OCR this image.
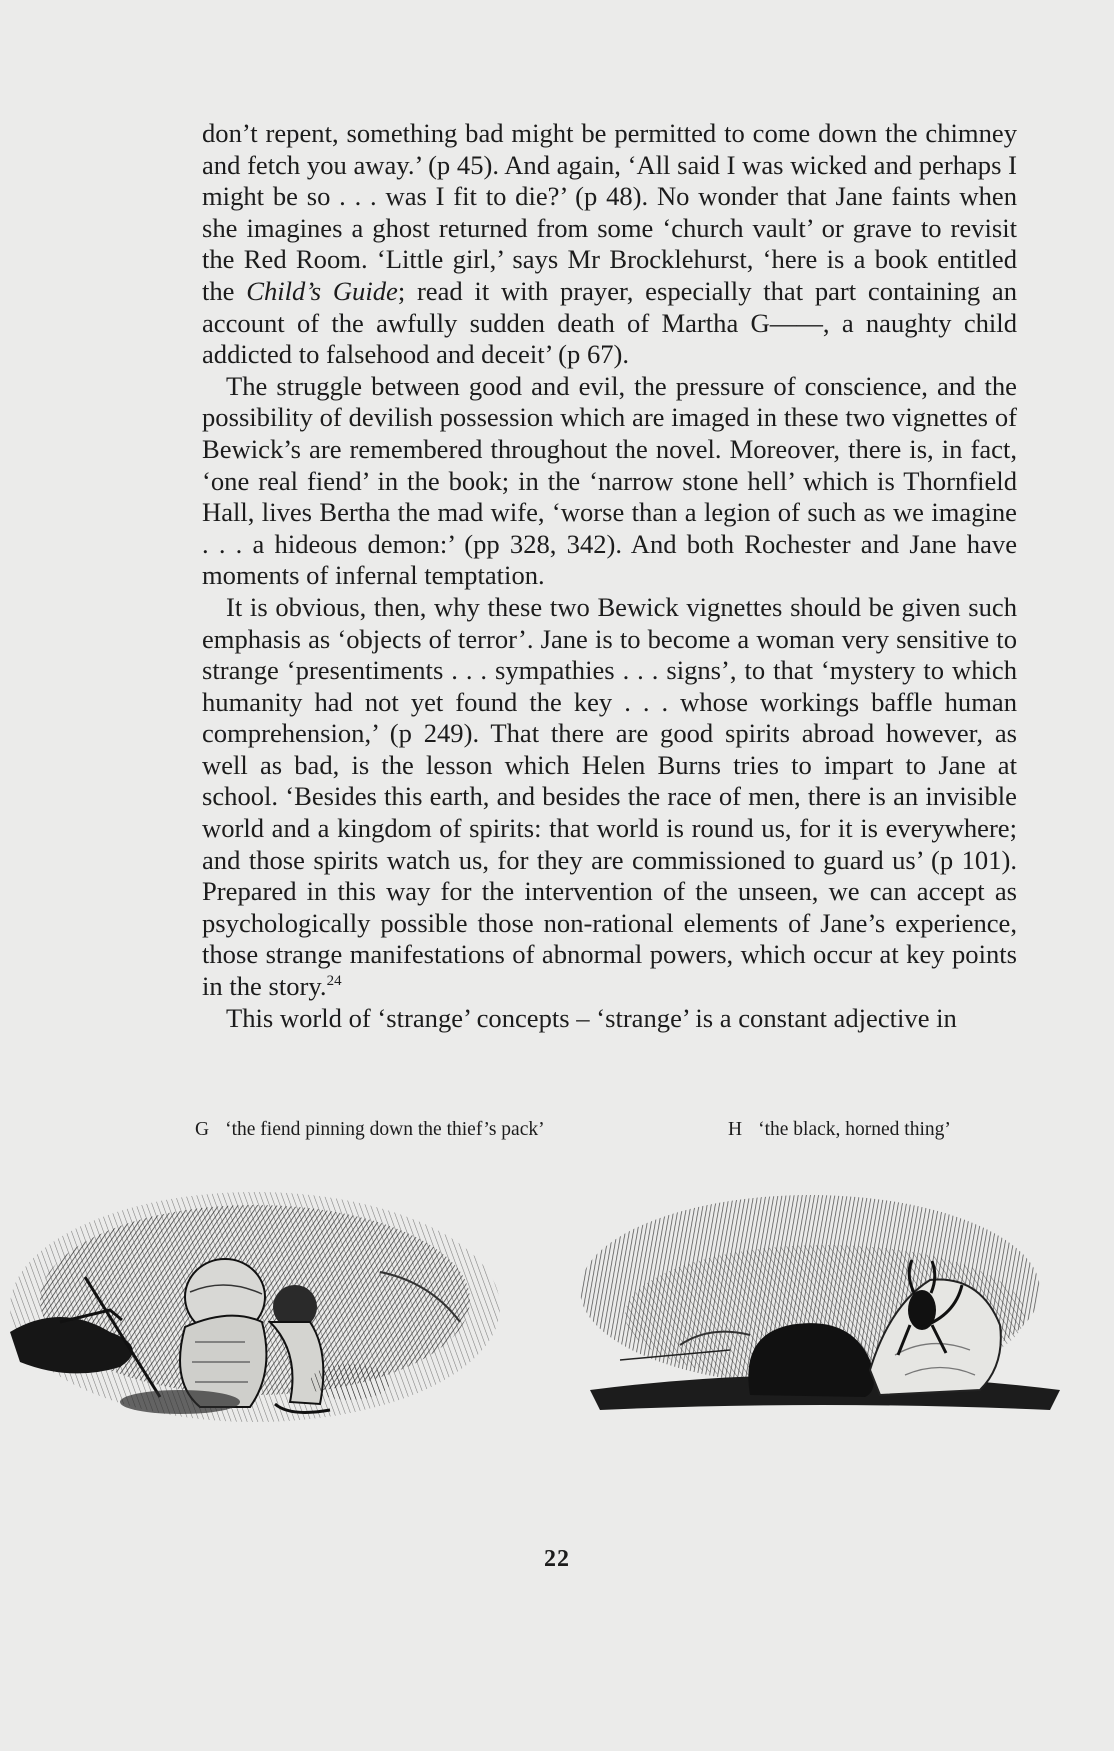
don’t repent, something bad might be permitted to come down the chimney and fetch you away.’ (p 45). And again, ‘All said I was wicked and perhaps I might be so . . . was I fit to die?’ (p 48). No wonder that Jane faints when she imagines a ghost returned from some ‘church vault’ or grave to revisit the Red Room. ‘Little girl,’ says Mr Brocklehurst, ‘here is a book entitled the Child’s Guide; read it with prayer, especially that part containing an account of the awfully sudden death of Martha G——, a naughty child addicted to falsehood and deceit’ (p 67).

The struggle between good and evil, the pressure of conscience, and the possibility of devilish possession which are imaged in these two vignettes of Bewick’s are remembered throughout the novel. Moreover, there is, in fact, ‘one real fiend’ in the book; in the ‘narrow stone hell’ which is Thornfield Hall, lives Bertha the mad wife, ‘worse than a legion of such as we imagine . . . a hideous demon:’ (pp 328, 342). And both Rochester and Jane have moments of infernal temptation.

It is obvious, then, why these two Bewick vignettes should be given such emphasis as ‘objects of terror’. Jane is to become a woman very sensitive to strange ‘presentiments . . . sympathies . . . signs’, to that ‘mystery to which humanity had not yet found the key . . . whose workings baffle human comprehension,’ (p 249). That there are good spirits abroad however, as well as bad, is the lesson which Helen Burns tries to impart to Jane at school. ‘Besides this earth, and besides the race of men, there is an invisible world and a kingdom of spirits: that world is round us, for it is everywhere; and those spirits watch us, for they are commissioned to guard us’ (p 101). Prepared in this way for the intervention of the unseen, we can accept as psychologically possible those non-rational elements of Jane’s experience, those strange manifestations of abnormal powers, which occur at key points in the story.$^{24}$

This world of ‘strange’ concepts – ‘strange’ is a constant adjective in

G ‘the fiend pinning down the thief’s pack’	H ‘the black, horned thing’
22
